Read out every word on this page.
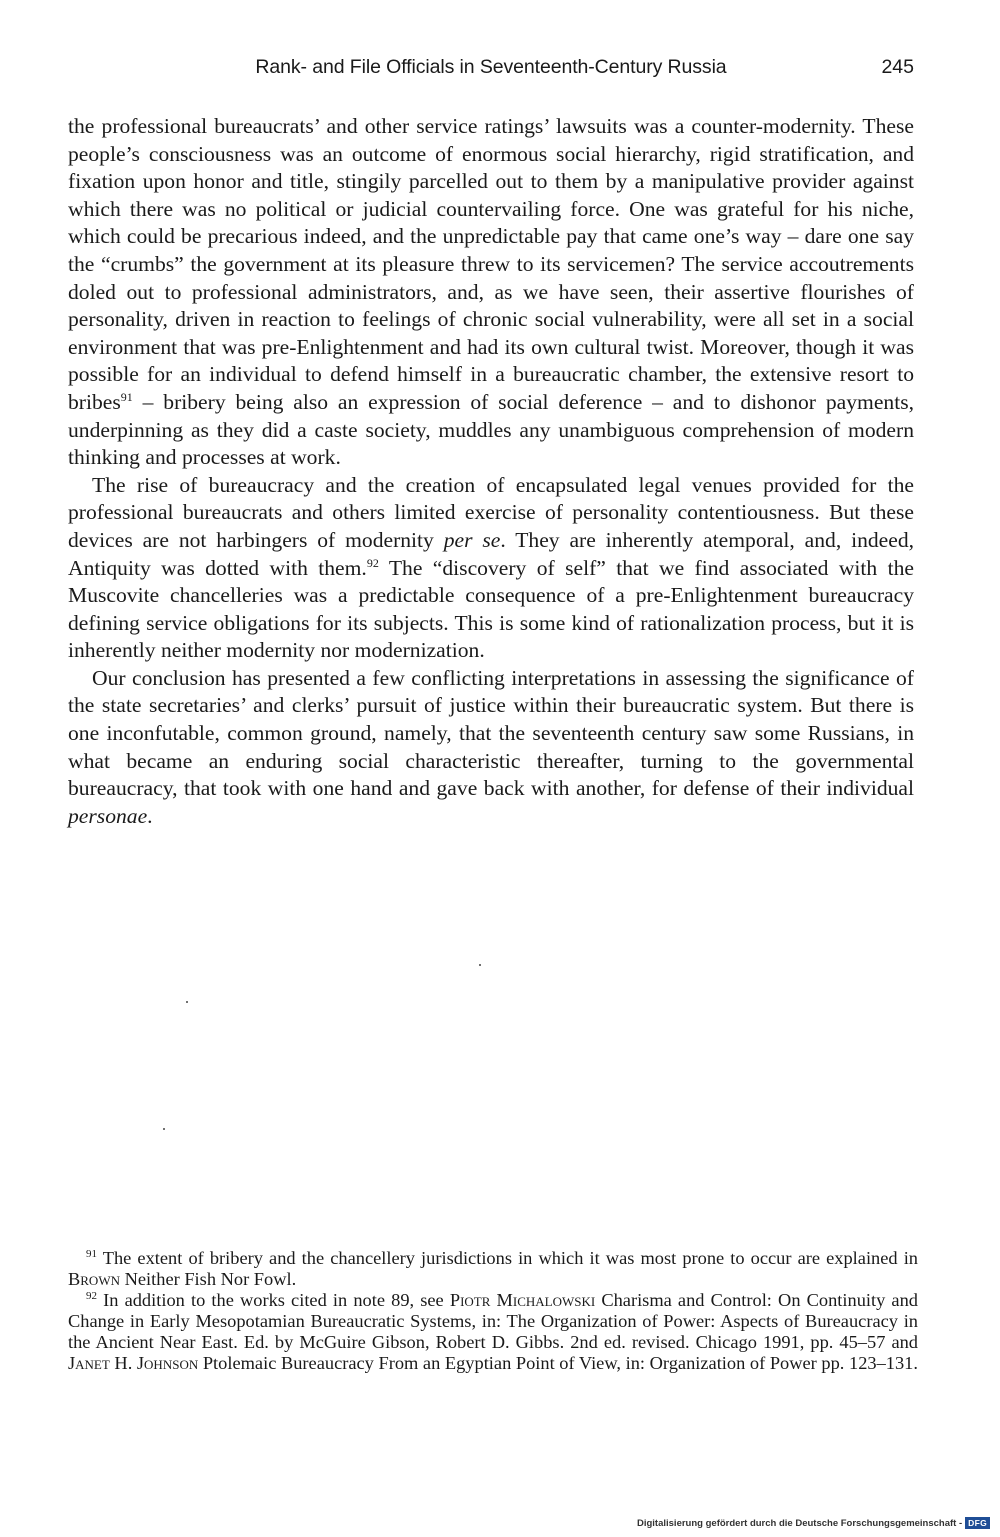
Rank- and File Officials in Seventeenth-Century Russia	245

the professional bureaucrats’ and other service ratings’ lawsuits was a counter-modernity. These people’s consciousness was an outcome of enormous social hierarchy, rigid stratification, and fixation upon honor and title, stingily parcelled out to them by a manipulative provider against which there was no political or judicial countervailing force. One was grateful for his niche, which could be precarious indeed, and the unpredictable pay that came one’s way – dare one say the “crumbs” the government at its pleasure threw to its servicemen? The service accoutrements doled out to professional administrators, and, as we have seen, their assertive flourishes of personality, driven in reaction to feelings of chronic social vulnerability, were all set in a social environment that was pre-Enlightenment and had its own cultural twist. Moreover, though it was possible for an individual to defend himself in a bureaucratic chamber, the extensive resort to bribes$^{91}$ – bribery being also an expression of social deference – and to dishonor payments, underpinning as they did a caste society, muddles any unambiguous comprehension of modern thinking and processes at work.

The rise of bureaucracy and the creation of encapsulated legal venues provided for the professional bureaucrats and others limited exercise of personality contentiousness. But these devices are not harbingers of modernity per se. They are inherently atemporal, and, indeed, Antiquity was dotted with them.$^{92}$ The “discovery of self” that we find associated with the Muscovite chancelleries was a predictable consequence of a pre-Enlightenment bureaucracy defining service obligations for its subjects. This is some kind of rationalization process, but it is inherently neither modernity nor modernization.

Our conclusion has presented a few conflicting interpretations in assessing the significance of the state secretaries’ and clerks’ pursuit of justice within their bureaucratic system. But there is one inconfutable, common ground, namely, that the seventeenth century saw some Russians, in what became an enduring social characteristic thereafter, turning to the governmental bureaucracy, that took with one hand and gave back with another, for defense of their individual personae.

$^{91}$ The extent of bribery and the chancellery jurisdictions in which it was most prone to occur are explained in Brown Neither Fish Nor Fowl.

$^{92}$ In addition to the works cited in note 89, see Piotr Michalowski Charisma and Control: On Continuity and Change in Early Mesopotamian Bureaucratic Systems, in: The Organization of Power: Aspects of Bureaucracy in the Ancient Near East. Ed. by McGuire Gibson, Robert D. Gibbs. 2nd ed. revised. Chicago 1991, pp. 45–57 and Janet H. Johnson Ptolemaic Bureaucracy From an Egyptian Point of View, in: Organization of Power pp. 123–131.

Digitalisierung gefördert durch die Deutsche Forschungsgemeinschaft - DFG
